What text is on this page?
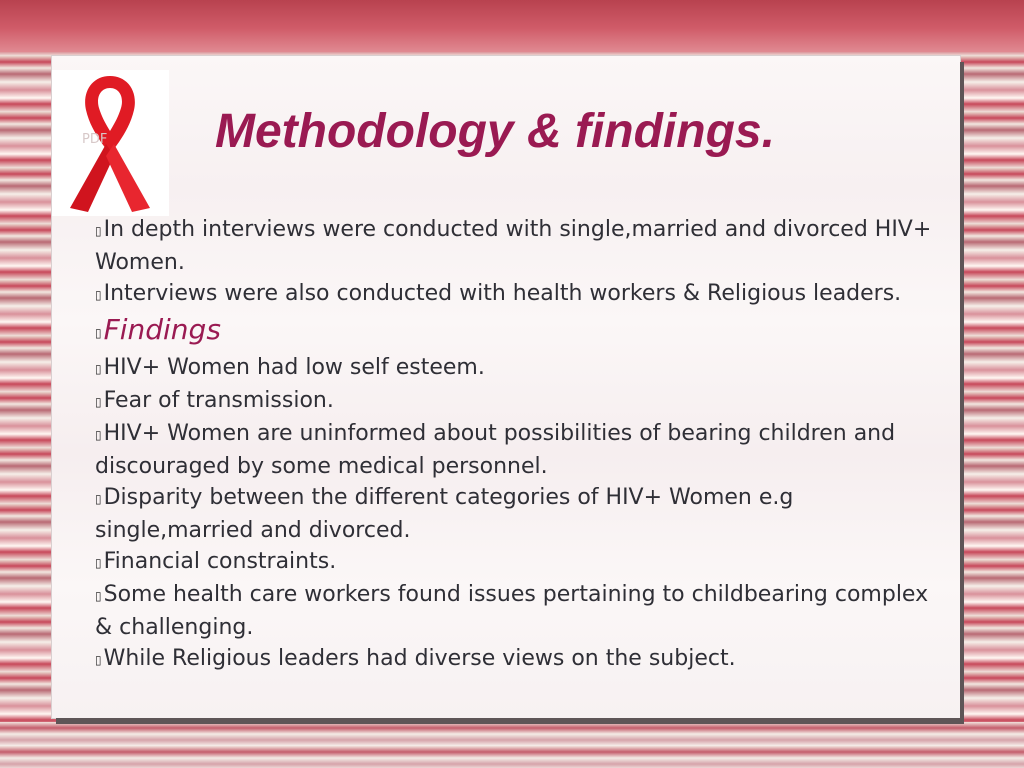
PDF	Methodology & findings.

▯In depth interviews were conducted with single,married and divorced HIV+ Women.

▯Interviews were also conducted with health workers & Religious leaders.

▯Findings

▯HIV+ Women had low self esteem.

▯Fear of transmission.

▯HIV+ Women are uninformed about possibilities of bearing children and discouraged by some medical personnel.

▯Disparity between the different categories of HIV+ Women e.g single,married and divorced.

▯Financial constraints.

▯Some health care workers found issues pertaining to childbearing complex & challenging.

▯While Religious leaders had diverse views on the subject.
